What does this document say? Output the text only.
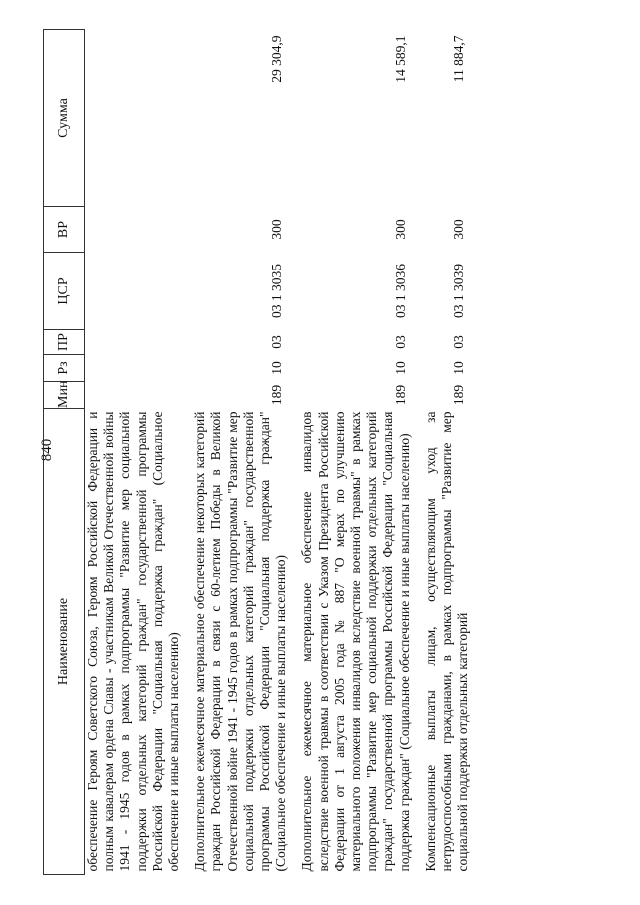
840
Наименование	Мин	Рз	ПР	ЦСР	ВР	Сумма
обеспечение Героям Советского Союза, Героям Российской Федерации и полным кавалерам ордена Славы - участникам Великой Отечественной войны 1941 - 1945 годов в рамках подпрограммы "Развитие мер социальной поддержки отдельных категорий граждан" государственной программы Российской Федерации "Социальная поддержка граждан" (Социальное обеспечение и иные выплаты населению)						
Дополнительное ежемесячное материальное обеспечение некоторых категорий граждан Российской Федерации в связи с 60-летием Победы в Великой Отечественной войне 1941 - 1945 годов в рамках подпрограммы "Развитие мер социальной поддержки отдельных категорий граждан" государственной программы Российской Федерации "Социальная поддержка граждан" (Социальное обеспечение и иные выплаты населению)	189	10	03	03 1 3035	300	29 304,9
Дополнительное ежемесячное материальное обеспечение инвалидов вследствие военной травмы в соответствии с Указом Президента Российской Федерации от 1 августа 2005 года № 887 "О мерах по улучшению материального положения инвалидов вследствие военной травмы" в рамках подпрограммы "Развитие мер социальной поддержки отдельных категорий граждан" государственной программы Российской Федерации "Социальная поддержка граждан" (Социальное обеспечение и иные выплаты населению)	189	10	03	03 1 3036	300	14 589,1
Компенсационные выплаты лицам, осуществляющим уход за нетрудоспособными гражданами, в рамках подпрограммы "Развитие мер социальной поддержки отдельных категорий	189	10	03	03 1 3039	300	11 884,7
